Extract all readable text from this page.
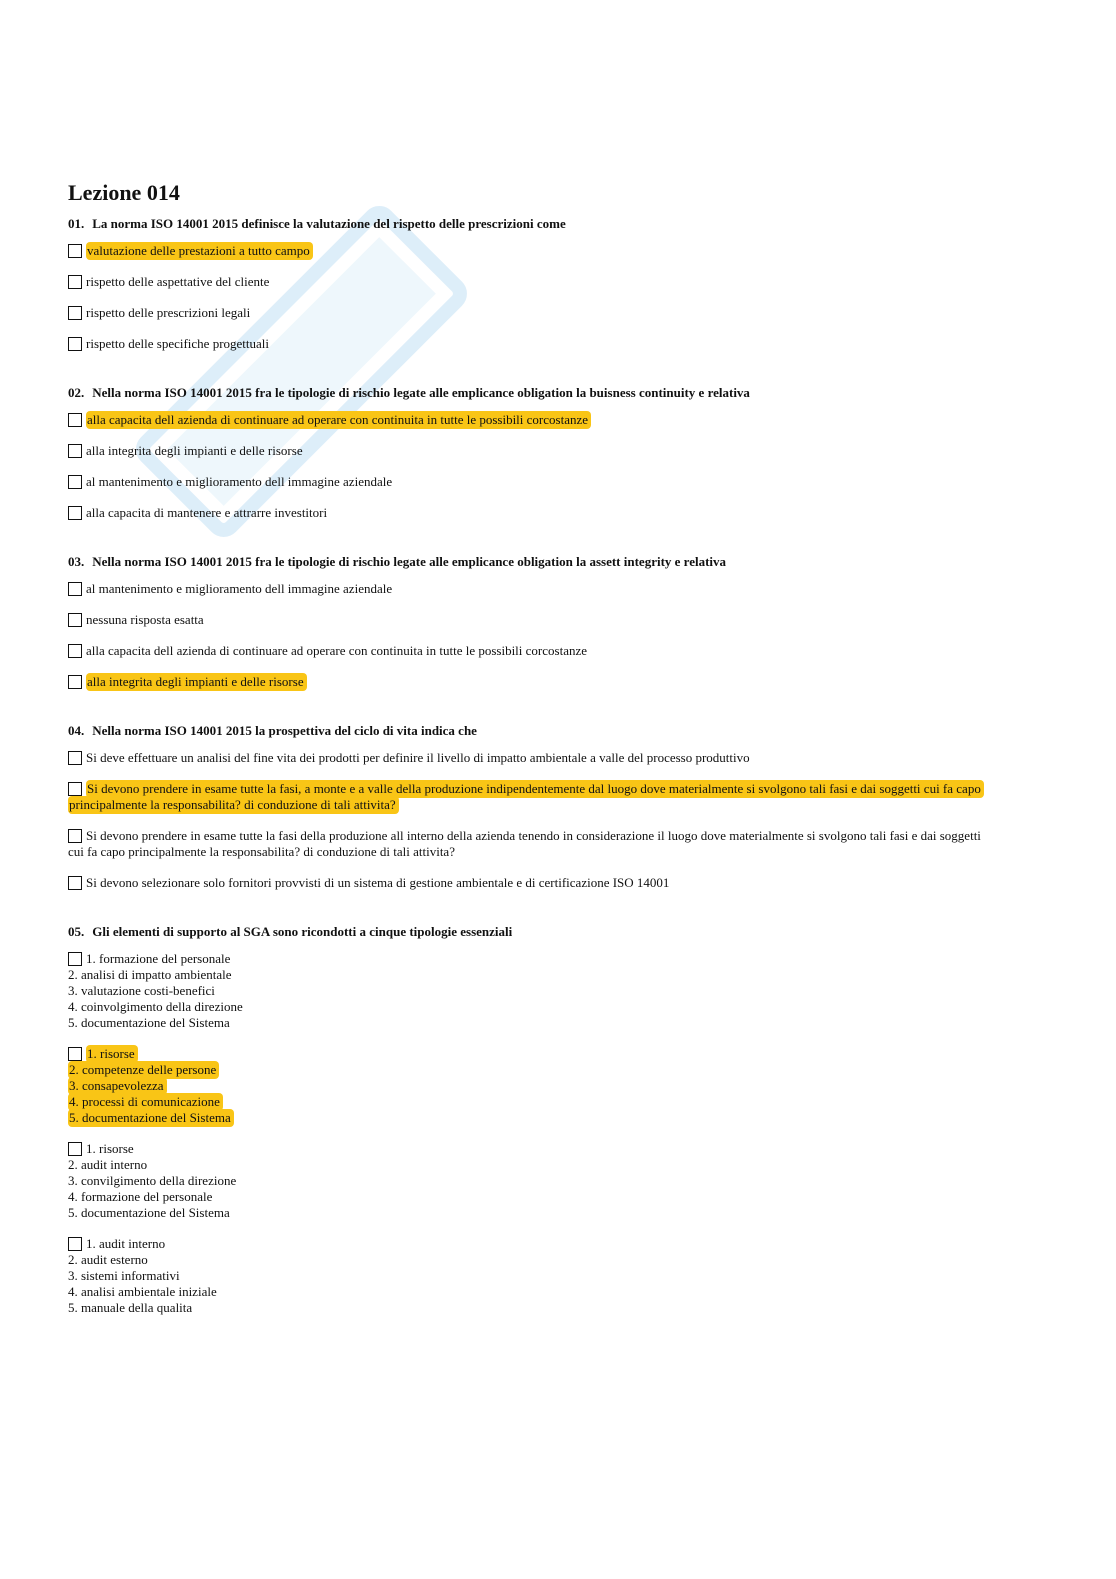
Lezione 014
01. La norma ISO 14001 2015 definisce la valutazione del rispetto delle prescrizioni come
valutazione delle prestazioni a tutto campo
rispetto delle aspettative del cliente
rispetto delle prescrizioni legali
rispetto delle specifiche progettuali
02. Nella norma ISO 14001 2015 fra le tipologie di rischio legate alle emplicance obligation la buisness continuity e relativa
alla capacita dell azienda di continuare ad operare con continuita in tutte le possibili corcostanze
alla integrita degli impianti e delle risorse
al mantenimento e miglioramento dell immagine aziendale
alla capacita di mantenere e attrarre investitori
03. Nella norma ISO 14001 2015 fra le tipologie di rischio legate alle emplicance obligation la assett integrity e relativa
al mantenimento e miglioramento dell immagine aziendale
nessuna risposta esatta
alla capacita dell azienda di continuare ad operare con continuita in tutte le possibili corcostanze
alla integrita degli impianti e delle risorse
04. Nella norma ISO 14001 2015 la prospettiva del ciclo di vita indica che
Si deve effettuare un analisi del fine vita dei prodotti per definire il livello di impatto ambientale a valle del processo produttivo
Si devono prendere in esame tutte la fasi, a monte e a valle della produzione indipendentemente dal luogo dove materialmente si svolgono tali fasi e dai soggetti cui fa capo
principalmente la responsabilita? di conduzione di tali attivita?
Si devono prendere in esame tutte la fasi della produzione all interno della azienda tenendo in considerazione il luogo dove materialmente si svolgono tali fasi e dai soggetti
cui fa capo principalmente la responsabilita? di conduzione di tali attivita?
Si devono selezionare solo fornitori provvisti di un sistema di gestione ambientale e di certificazione ISO 14001
05. Gli elementi di supporto al SGA sono ricondotti a cinque tipologie essenziali
1. formazione del personale
2. analisi di impatto ambientale
3. valutazione costi-benefici
4. coinvolgimento della direzione
5. documentazione del Sistema
1. risorse
2. competenze delle persone
3. consapevolezza
4. processi di comunicazione
5. documentazione del Sistema
1. risorse
2. audit interno
3. convilgimento della direzione
4. formazione del personale
5. documentazione del Sistema
1. audit interno
2. audit esterno
3. sistemi informativi
4. analisi ambientale iniziale
5. manuale della qualita
